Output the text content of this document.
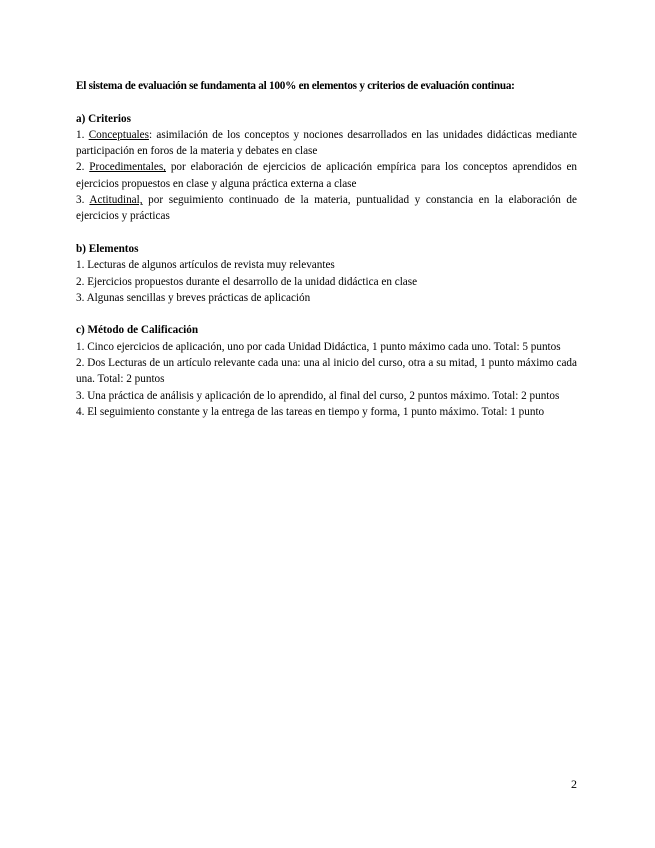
El sistema de evaluación se fundamenta al 100% en elementos y criterios de evaluación continua:

a) Criterios

1. Conceptuales: asimilación de los conceptos y nociones desarrollados en las unidades didácticas mediante participación en foros de la materia y debates en clase

2. Procedimentales, por elaboración de ejercicios de aplicación empírica para los conceptos aprendidos en ejercicios propuestos en clase y alguna práctica externa a clase

3. Actitudinal, por seguimiento continuado de la materia, puntualidad y constancia en la elaboración de ejercicios y prácticas

b) Elementos

1. Lecturas de algunos artículos de revista muy relevantes

2. Ejercicios propuestos durante el desarrollo de la unidad didáctica en clase

3. Algunas sencillas y breves prácticas de aplicación

c) Método de Calificación

1. Cinco ejercicios de aplicación, uno por cada Unidad Didáctica, 1 punto máximo cada uno. Total: 5 puntos

2. Dos Lecturas de un artículo relevante cada una: una al inicio del curso, otra a su mitad, 1 punto máximo cada una. Total: 2 puntos

3. Una práctica de análisis y aplicación de lo aprendido, al final del curso, 2 puntos máximo. Total: 2 puntos

4. El seguimiento constante y la entrega de las tareas en tiempo y forma, 1 punto máximo. Total: 1 punto

2
